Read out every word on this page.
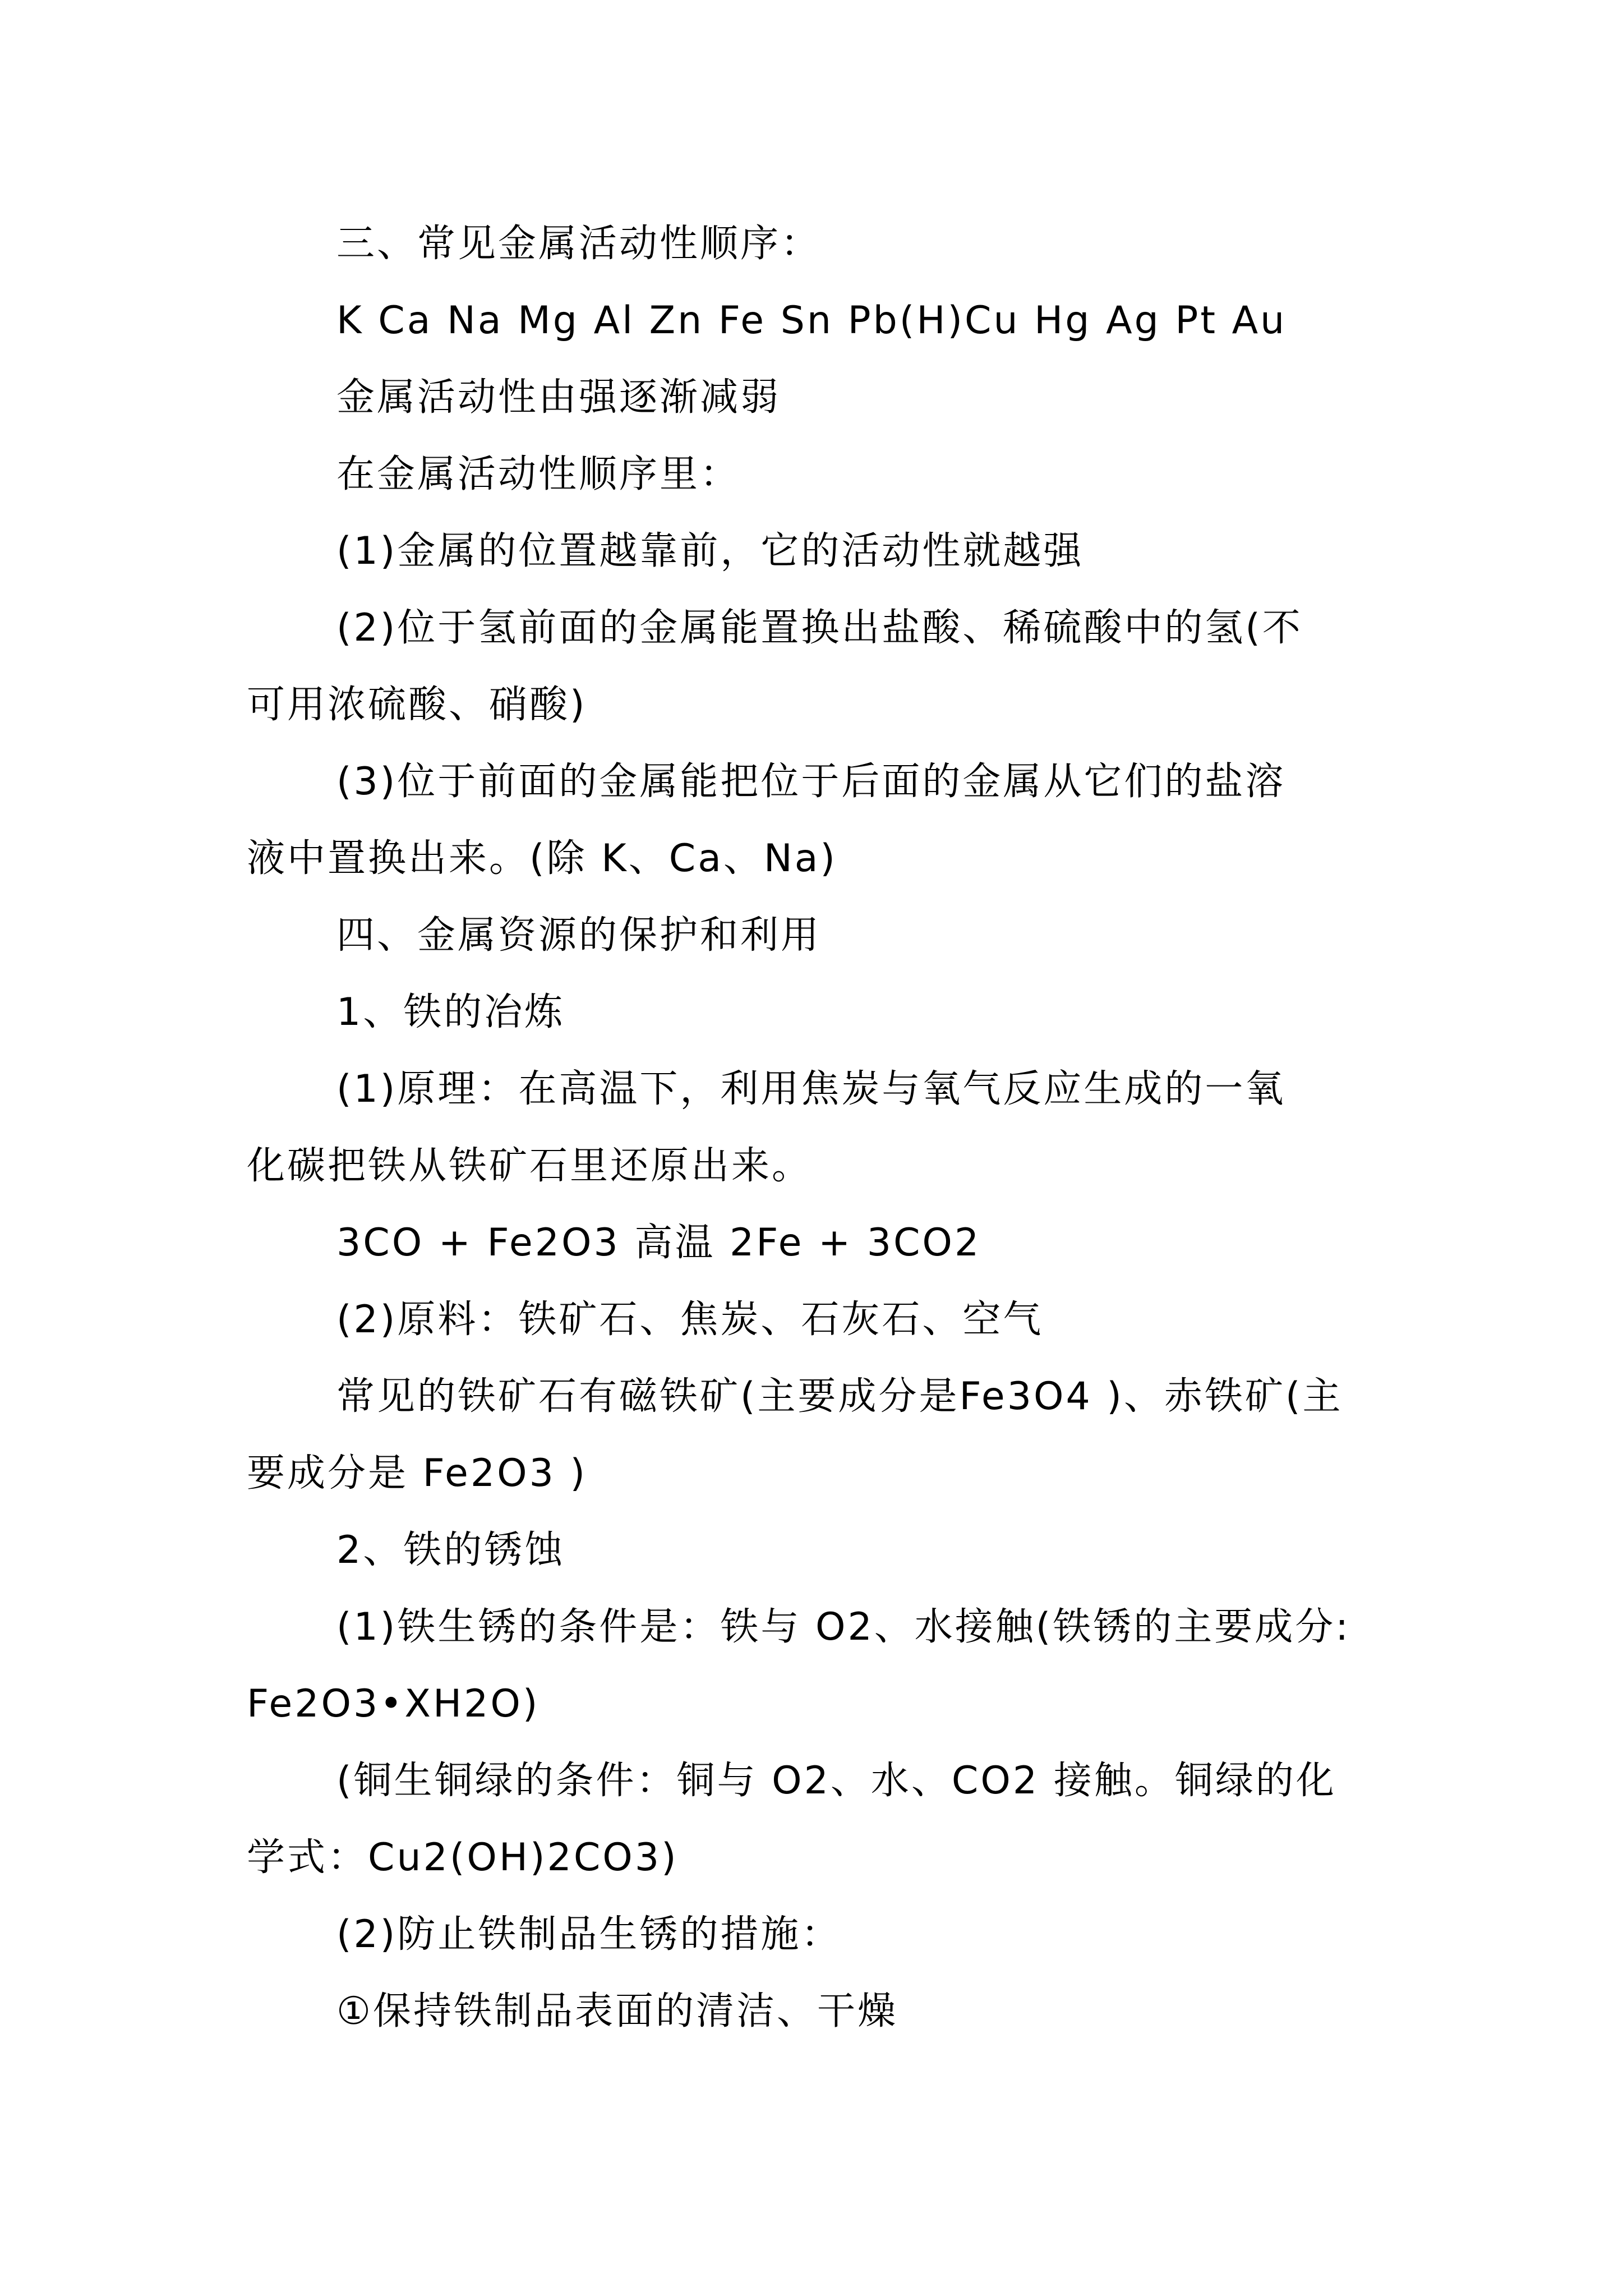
三、常见金属活动性顺序：
K Ca Na Mg Al Zn Fe Sn Pb(H)Cu Hg Ag Pt Au
金属活动性由强逐渐减弱
在金属活动性顺序里：
(1)金属的位置越靠前，它的活动性就越强
(2)位于氢前面的金属能置换出盐酸、稀硫酸中的氢(不
可用浓硫酸、硝酸)
(3)位于前面的金属能把位于后面的金属从它们的盐溶
液中置换出来。(除 K、Ca、Na)
四、金属资源的保护和利用
1、铁的冶炼
(1)原理：在高温下，利用焦炭与氧气反应生成的一氧
化碳把铁从铁矿石里还原出来。
3CO + Fe2O3 高温 2Fe + 3CO2
(2)原料：铁矿石、焦炭、石灰石、空气
常见的铁矿石有磁铁矿(主要成分是Fe3O4 )、赤铁矿(主
要成分是 Fe2O3 )
2、铁的锈蚀
(1)铁生锈的条件是：铁与 O2、水接触(铁锈的主要成分:
Fe2O3•XH2O)
(铜生铜绿的条件：铜与 O2、水、CO2 接触。铜绿的化
学式：Cu2(OH)2CO3)
(2)防止铁制品生锈的措施：
①保持铁制品表面的清洁、干燥
